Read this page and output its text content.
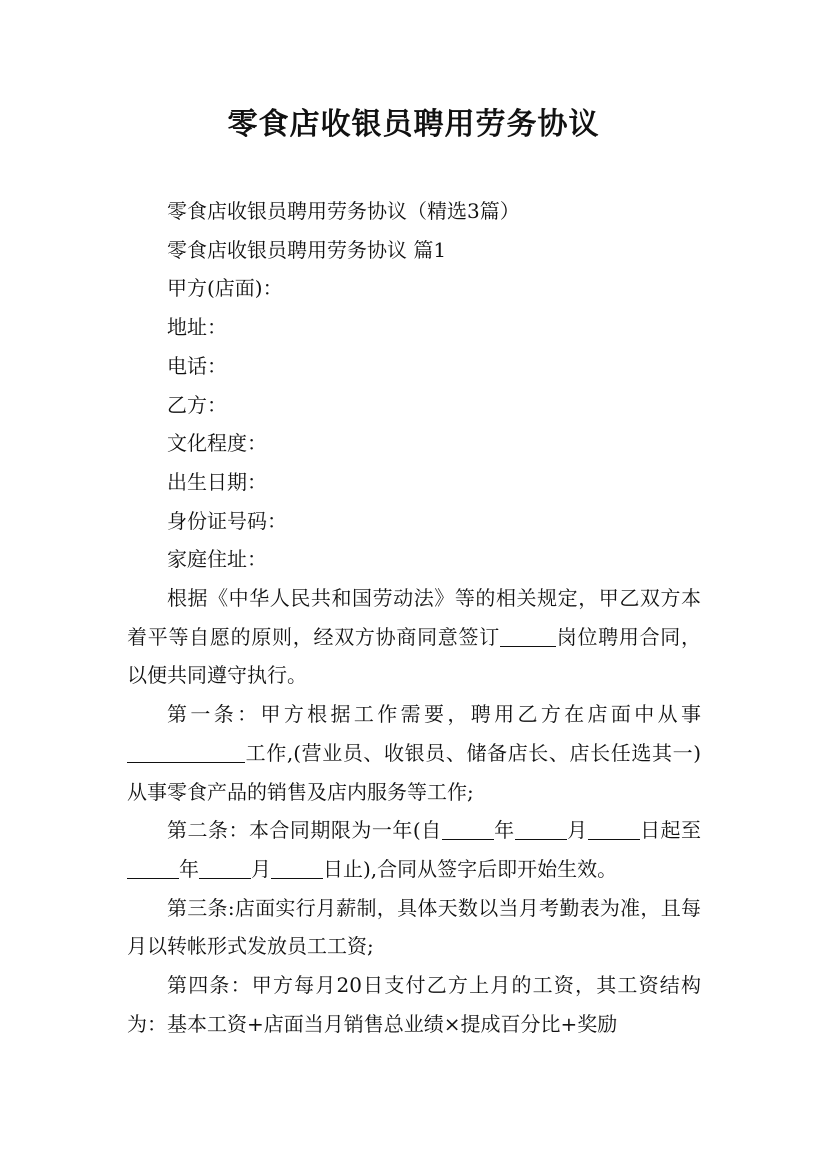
零食店收银员聘用劳务协议

零食店收银员聘用劳务协议（精选3篇）

零食店收银员聘用劳务协议 篇1

甲方(店面)：

地址：

电话：

乙方：

文化程度：

出生日期：

身份证号码：

家庭住址：

根据《中华人民共和国劳动法》等的相关规定，甲乙双方本着平等自愿的原则，经双方协商同意签订	岗位聘用合同，以便共同遵守执行。

第一条：甲方根据工作需要，聘用乙方在店面中从事工作,(营业员、收银员、储备店长、店长任选其一)从事零食产品的销售及店内服务等工作;

第二条：本合同期限为一年(自	年	月	日起至年	月	日止),合同从签字后即开始生效。

第三条:店面实行月薪制，具体天数以当月考勤表为准，且每月以转帐形式发放员工工资;

第四条：甲方每月20日支付乙方上月的工资，其工资结构为：基本工资+店面当月销售总业绩×提成百分比+奖励
